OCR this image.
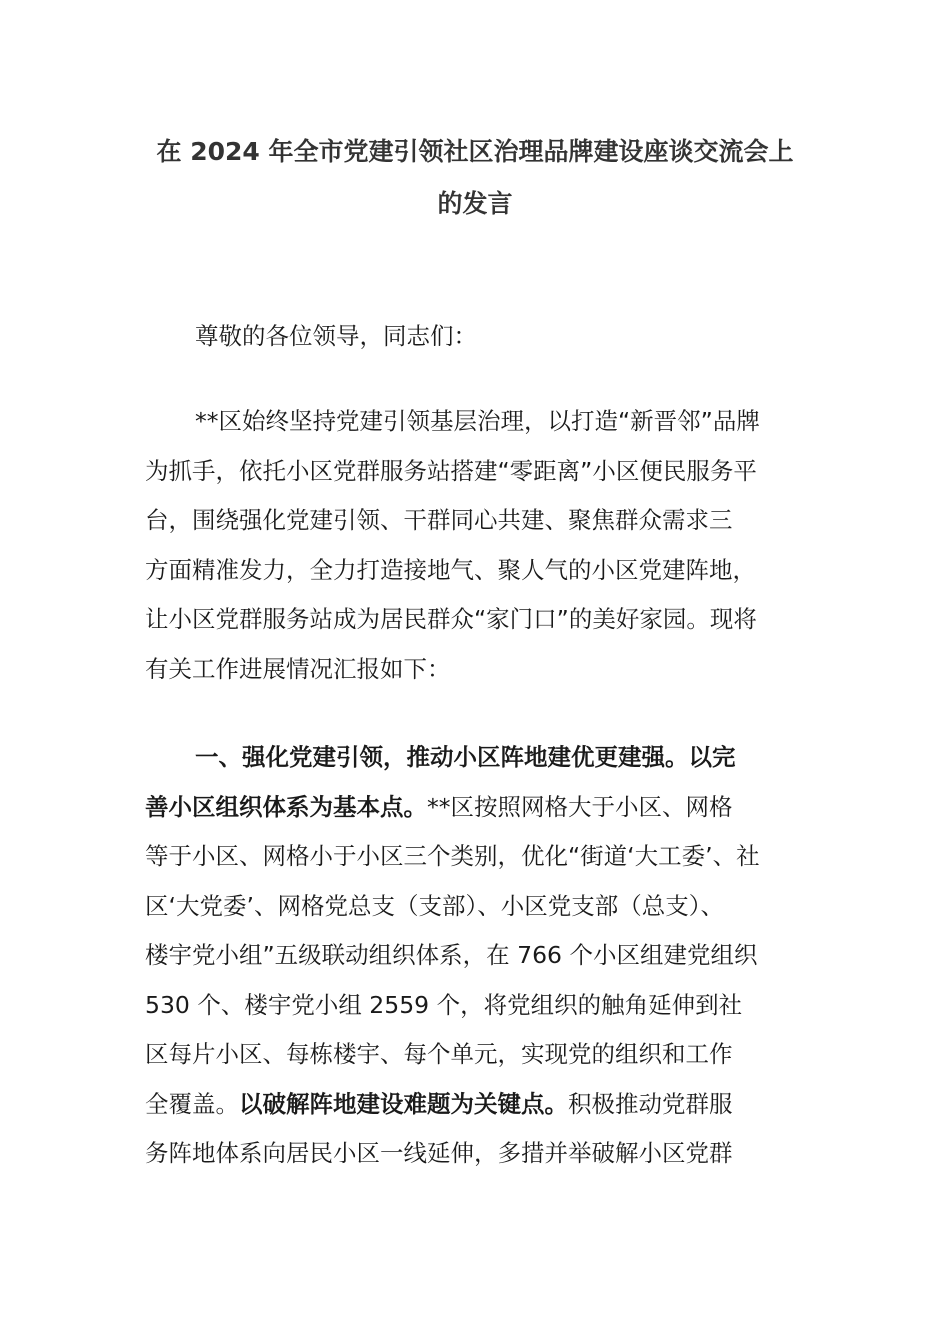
在 2024 年全市党建引领社区治理品牌建设座谈交流会上
的发言
尊敬的各位领导，同志们：
**区始终坚持党建引领基层治理，以打造“新晋邻”品牌
为抓手，依托小区党群服务站搭建“零距离”小区便民服务平
台，围绕强化党建引领、干群同心共建、聚焦群众需求三
方面精准发力，全力打造接地气、聚人气的小区党建阵地，
让小区党群服务站成为居民群众“家门口”的美好家园。现将
有关工作进展情况汇报如下：
一、强化党建引领，推动小区阵地建优更建强。以完
善小区组织体系为基本点。**区按照网格大于小区、网格
等于小区、网格小于小区三个类别，优化“街道‘大工委’、社
区‘大党委’、网格党总支（支部）、小区党支部（总支）、
楼宇党小组”五级联动组织体系，在 766 个小区组建党组织
530 个、楼宇党小组 2559 个，将党组织的触角延伸到社
区每片小区、每栋楼宇、每个单元，实现党的组织和工作
全覆盖。以破解阵地建设难题为关键点。积极推动党群服
务阵地体系向居民小区一线延伸，多措并举破解小区党群
